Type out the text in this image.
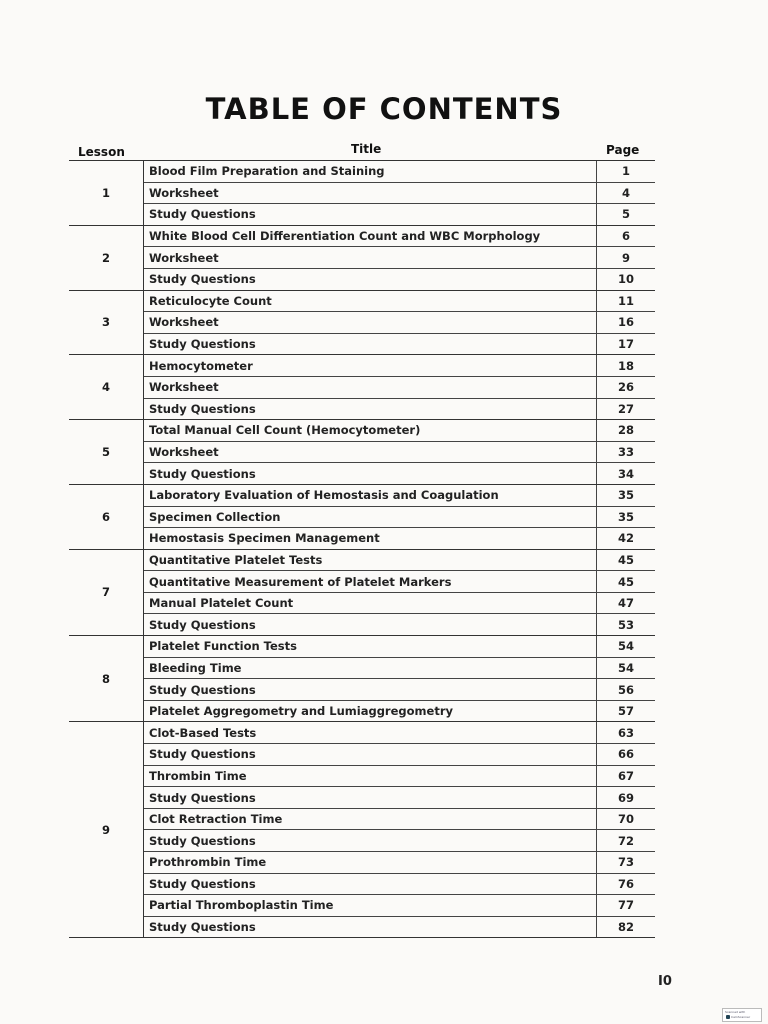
TABLE OF CONTENTS
Lesson	Title	Page
1
Blood Film Preparation and Staining	1
Worksheet	4
Study Questions	5
2
White Blood Cell Differentiation Count and WBC Morphology	6
Worksheet	9
Study Questions	10
3
Reticulocyte Count	11
Worksheet	16
Study Questions	17
4
Hemocytometer	18
Worksheet	26
Study Questions	27
5
Total Manual Cell Count (Hemocytometer)	28
Worksheet	33
Study Questions	34
6
Laboratory Evaluation of Hemostasis and Coagulation	35
Specimen Collection	35
Hemostasis Specimen Management	42
7
Quantitative Platelet Tests	45
Quantitative Measurement of Platelet Markers	45
Manual Platelet Count	47
Study Questions	53
8
Platelet Function Tests	54
Bleeding Time	54
Study Questions	56
Platelet Aggregometry and Lumiaggregometry	57
9
Clot-Based Tests	63
Study Questions	66
Thrombin Time	67
Study Questions	69
Clot Retraction Time	70
Study Questions	72
Prothrombin Time	73
Study Questions	76
Partial Thromboplastin Time	77
Study Questions	82
I0
Scanned with
CamScanner
